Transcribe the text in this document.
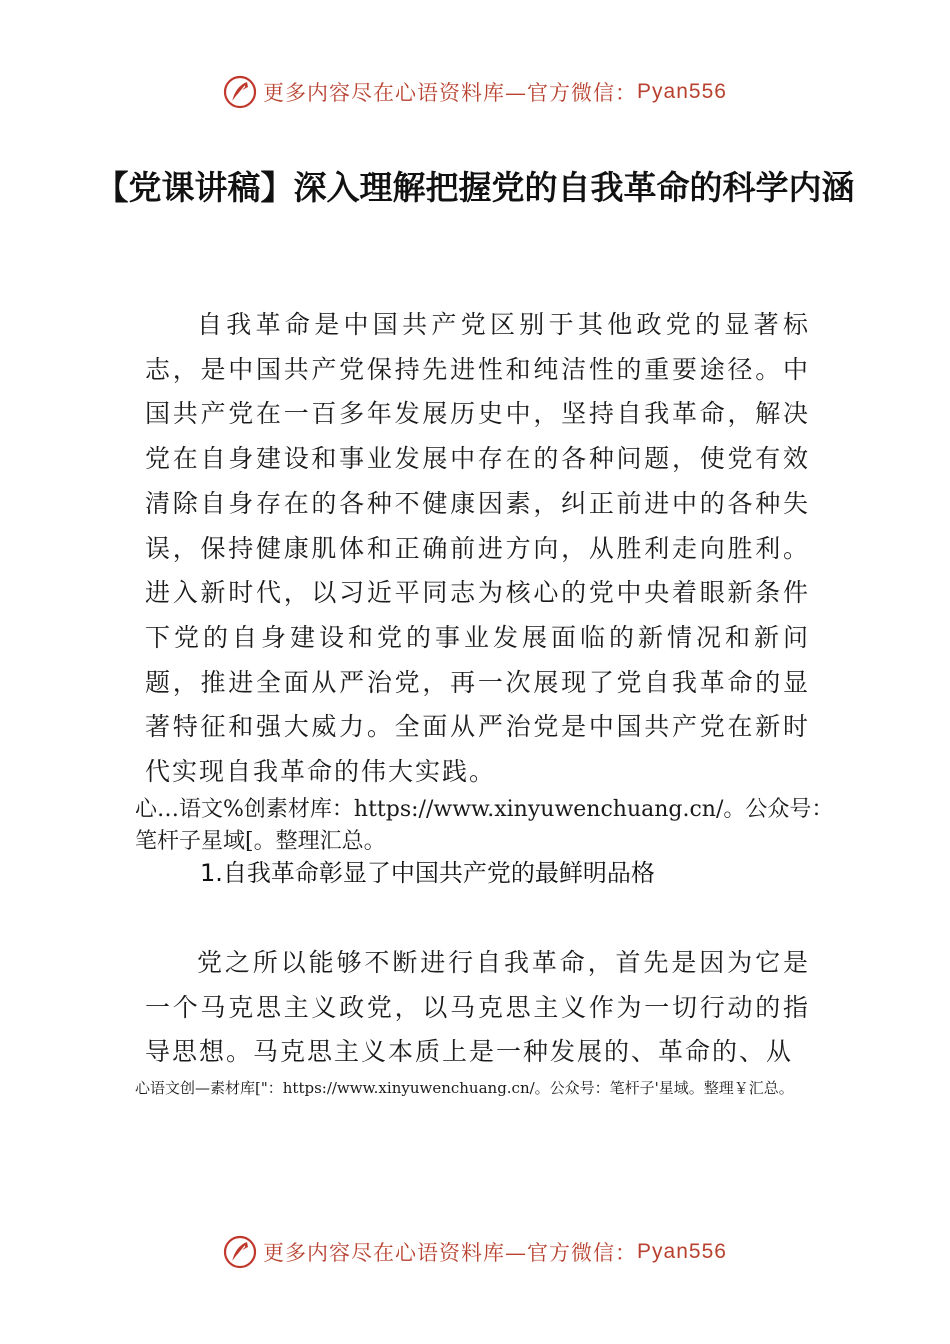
更多内容尽在心语资料库—官方微信： Pyan556
【党课讲稿】深入理解把握党的自我革命的科学内涵

自我革命是中国共产党区别于其他政党的显著标志，是中国共产党保持先进性和纯洁性的重要途径。中国共产党在一百多年发展历史中，坚持自我革命，解决党在自身建设和事业发展中存在的各种问题，使党有效清除自身存在的各种不健康因素，纠正前进中的各种失误，保持健康肌体和正确前进方向，从胜利走向胜利。进入新时代，以习近平同志为核心的党中央着眼新条件下党的自身建设和党的事业发展面临的新情况和新问题，推进全面从严治党，再一次展现了党自我革命的显著特征和强大威力。全面从严治党是中国共产党在新时代实现自我革命的伟大实践。

心…语文%创素材库：https://www.xinyuwenchuang.cn/。公众号：笔杆子星域[。整理汇总。

1.自我革命彰显了中国共产党的最鲜明品格

党之所以能够不断进行自我革命，首先是因为它是一个马克思主义政党，以马克思主义作为一切行动的指导思想。马克思主义本质上是一种发展的、革命的、从

心语文创—素材库["：https://www.xinyuwenchuang.cn/。公众号：笔杆子'星域。整理￥汇总。

更多内容尽在心语资料库—官方微信： Pyan556
